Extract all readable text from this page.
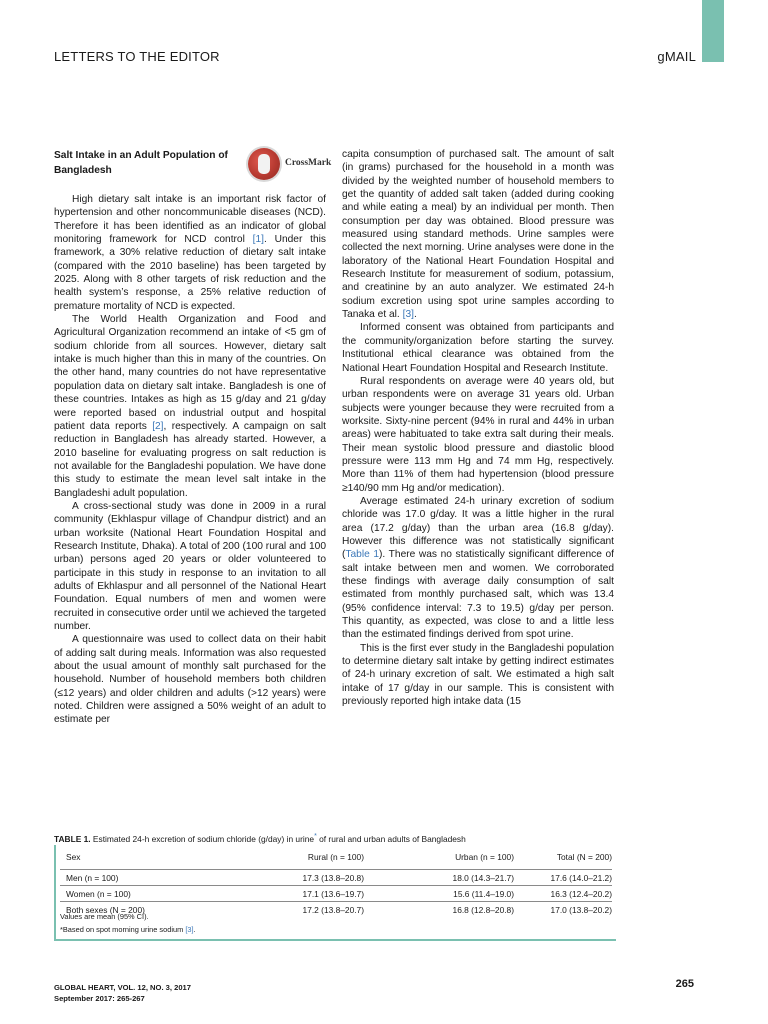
LETTERS TO THE EDITOR	gMAIL
Salt Intake in an Adult Population of Bangladesh
CrossMark

High dietary salt intake is an important risk factor of hypertension and other noncommunicable diseases (NCD). Therefore it has been identified as an indicator of global monitoring framework for NCD control [1]. Under this framework, a 30% relative reduction of dietary salt intake (compared with the 2010 baseline) has been targeted by 2025. Along with 8 other targets of risk reduction and the health system’s response, a 25% relative reduction of premature mortality of NCD is expected.

The World Health Organization and Food and Agricultural Organization recommend an intake of <5 gm of sodium chloride from all sources. However, dietary salt intake is much higher than this in many of the countries. On the other hand, many countries do not have representative population data on dietary salt intake. Bangladesh is one of these countries. Intakes as high as 15 g/day and 21 g/day were reported based on industrial output and hospital patient data reports [2], respectively. A campaign on salt reduction in Bangladesh has already started. However, a 2010 baseline for evaluating progress on salt reduction is not available for the Bangladeshi population. We have done this study to estimate the mean level salt intake in the Bangladeshi adult population.

A cross-sectional study was done in 2009 in a rural community (Ekhlaspur village of Chandpur district) and an urban worksite (National Heart Foundation Hospital and Research Institute, Dhaka). A total of 200 (100 rural and 100 urban) persons aged 20 years or older volunteered to participate in this study in response to an invitation to all adults of Ekhlaspur and all personnel of the National Heart Foundation. Equal numbers of men and women were recruited in consecutive order until we achieved the targeted number.

A questionnaire was used to collect data on their habit of adding salt during meals. Information was also requested about the usual amount of monthly salt purchased for the household. Number of household members both children (≤12 years) and older children and adults (>12 years) were noted. Children were assigned a 50% weight of an adult to estimate per

capita consumption of purchased salt. The amount of salt (in grams) purchased for the household in a month was divided by the weighted number of household members to get the quantity of added salt taken (added during cooking and while eating a meal) by an individual per month. Then consumption per day was obtained. Blood pressure was measured using standard methods. Urine samples were collected the next morning. Urine analyses were done in the laboratory of the National Heart Foundation Hospital and Research Institute for measurement of sodium, potassium, and creatinine by an auto analyzer. We estimated 24-h sodium excretion using spot urine samples according to Tanaka et al. [3].

Informed consent was obtained from participants and the community/organization before starting the survey. Institutional ethical clearance was obtained from the National Heart Foundation Hospital and Research Institute.

Rural respondents on average were 40 years old, but urban respondents were on average 31 years old. Urban subjects were younger because they were recruited from a worksite. Sixty-nine percent (94% in rural and 44% in urban areas) were habituated to take extra salt during their meals. Their mean systolic blood pressure and diastolic blood pressure were 113 mm Hg and 74 mm Hg, respectively. More than 11% of them had hypertension (blood pressure ≥140/90 mm Hg and/or medication).

Average estimated 24-h urinary excretion of sodium chloride was 17.0 g/day. It was a little higher in the rural area (17.2 g/day) than the urban area (16.8 g/day). However this difference was not statistically significant (Table 1). There was no statistically significant difference of salt intake between men and women. We corroborated these findings with average daily consumption of salt estimated from monthly purchased salt, which was 13.4 (95% confidence interval: 7.3 to 19.5) g/day per person. This quantity, as expected, was close to and a little less than the estimated findings derived from spot urine.

This is the first ever study in the Bangladeshi population to determine dietary salt intake by getting indirect estimates of 24-h urinary excretion of salt. We estimated a high salt intake of 17 g/day in our sample. This is consistent with previously reported high intake data (15

TABLE 1. Estimated 24-h excretion of sodium chloride (g/day) in urine* of rural and urban adults of Bangladesh
Sex	Rural (n = 100)	Urban (n = 100)	Total (N = 200)
Men (n = 100)	17.3 (13.8–20.8)	18.0 (14.3–21.7)	17.6 (14.0–21.2)
Women (n = 100)	17.1 (13.6–19.7)	15.6 (11.4–19.0)	16.3 (12.4–20.2)
Both sexes (N = 200)	17.2 (13.8–20.7)	16.8 (12.8–20.8)	17.0 (13.8–20.2)
Values are mean (95% CI).
*Based on spot morning urine sodium [3].
GLOBAL HEART, VOL. 12, NO. 3, 2017
September 2017: 265-267
265
